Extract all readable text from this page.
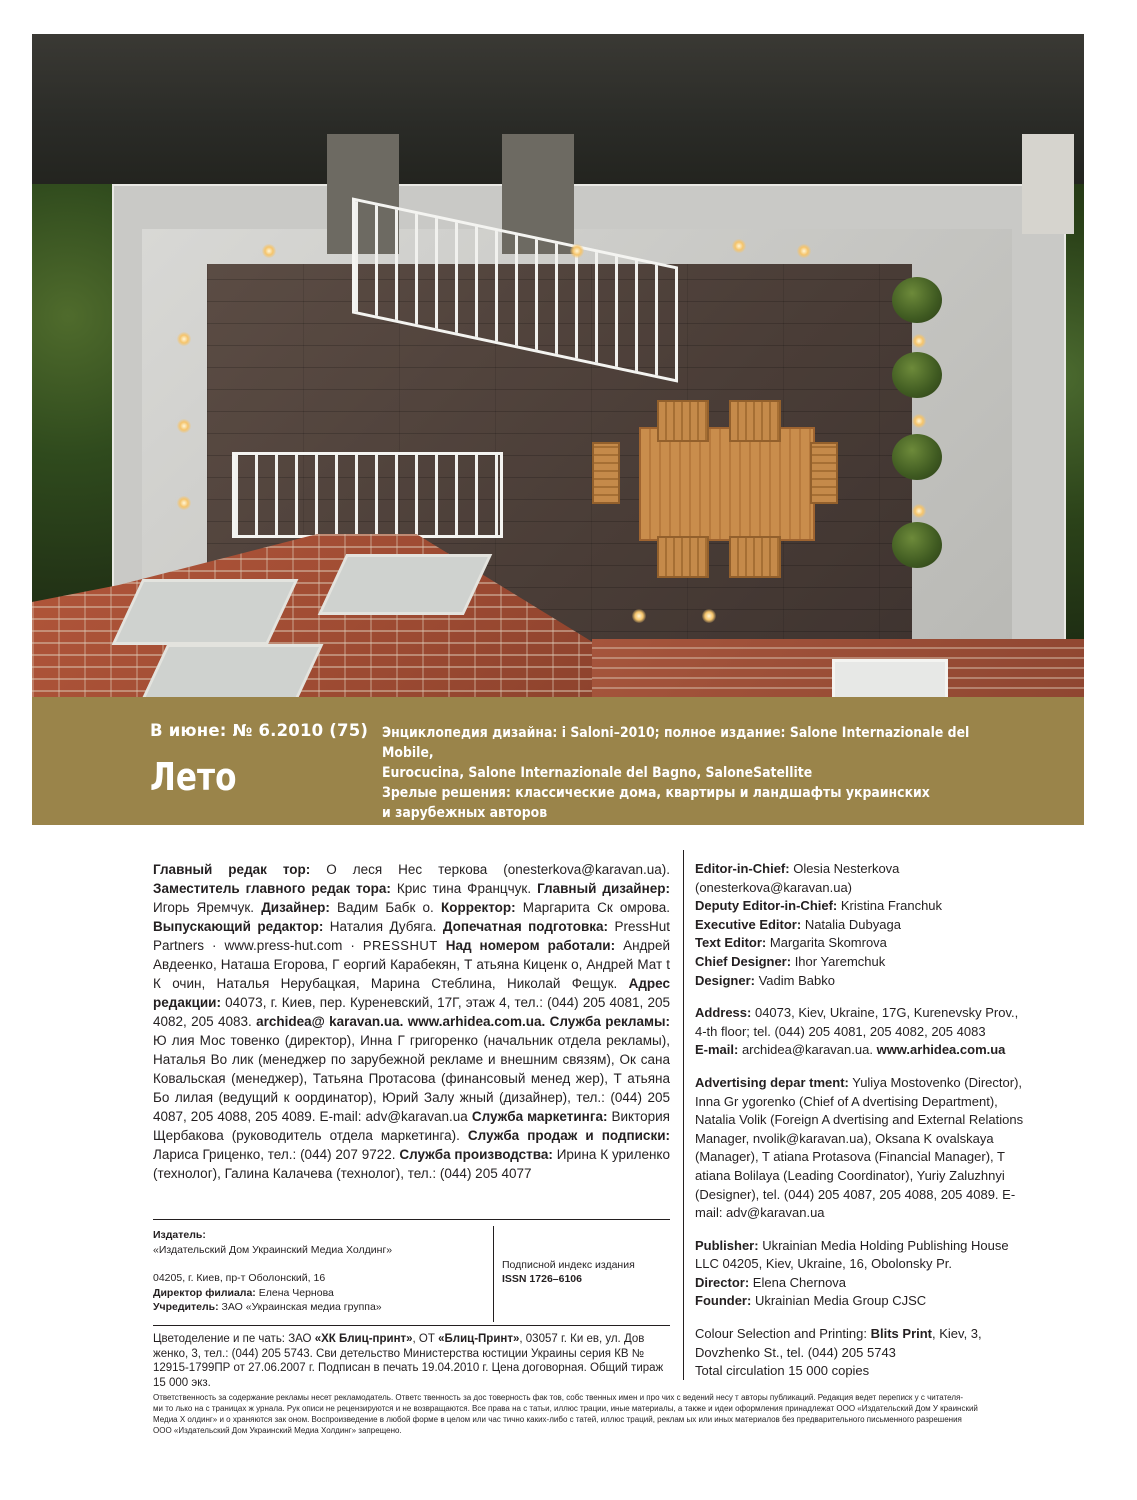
В июне: № 6.2010 (75)
Лето
Энциклопедия дизайна: i Saloni–2010; полное издание: Salone Internazionale del Mobile,
Eurocucina, Salone Internazionale del Bagno, SaloneSatellite
Зрелые решения: классические дома, квартиры и ландшафты украинских
и зарубежных авторов
Главный редак тор: О леся Нес теркова (onesterkova@karavan.ua). Заместитель главного редак тора: Крис тина Францчук. Главный дизайнер: Игорь Яремчук. Дизайнер: Вадим Бабк о. Корректор: Маргарита Ск омрова. Выпускающий редактор: Наталия Дубяга. Допечатная подготовка: PressHut Partners · www.press-hut.com · PRESSHUT Над номером работали: Андрей Авдеенко, Наташа Егорова, Г еоргий Карабекян, Т атьяна Киценк о, Андрей Мат t К очин, Наталья Нерубацкая, Марина Стеблина, Николай Фещук. Адрес редакции: 04073, г. Киев, пер. Куреневский, 17Г, этаж 4, тел.: (044) 205 4081, 205 4082, 205 4083. archidea@ karavan.ua. www.arhidea.com.ua. Служба рекламы: Ю лия Мос товенко (директор), Инна Г григоренко (начальник отдела рекламы), Наталья Во лик (менеджер по зарубежной рекламе и внешним связям), Ок сана Ковальская (менеджер), Татьяна Протасова (финансовый менед жер), Т атьяна Бо лилая (ведущий к оординатор), Юрий Залу жный (дизайнер), тел.: (044) 205 4087, 205 4088, 205 4089. E-mail: adv@karavan.ua Служба маркетинга: Виктория Щербакова (руководитель отдела маркетинга). Служба продаж и подписки: Лариса Гриценко, тел.: (044) 207 9722. Служба производства: Ирина К уриленко (технолог), Галина Калачева (технолог), тел.: (044) 205 4077
Editor-in-Chief: Olesia Nesterkova (onesterkova@karavan.ua)
Deputy Editor-in-Chief: Kristina Franchuk
Executive Editor: Natalia Dubyaga
Text Editor: Margarita Skomrova
Chief Designer: Ihor Yaremchuk
Designer: Vadim Babko
Address: 04073, Kiev, Ukraine, 17G, Kurenevsky Prov., 4-th floor; tel. (044) 205 4081, 205 4082, 205 4083
E-mail: archidea@karavan.ua. www.arhidea.com.ua
Advertising depar tment: Yuliya Mostovenko (Director), Inna Gr ygorenko (Chief of A dvertising Department), Natalia Volik (Foreign A dvertising and External Relations Manager, nvolik@karavan.ua), Oksana K ovalskaya (Manager), T atiana Protasova (Financial Manager), T atiana Bolilaya (Leading Coordinator), Yuriy Zaluzhnyi (Designer), tel. (044) 205 4087, 205 4088, 205 4089. E-mail: adv@karavan.ua
Publisher: Ukrainian Media Holding Publishing House LLC 04205, Kiev, Ukraine, 16, Obolonsky Pr.
Director: Elena Chernova
Founder: Ukrainian Media Group CJSC
Colour Selection and Printing: Blits Print, Kiev, 3, Dovzhenko St., tel. (044) 205 5743
Total circulation 15 000 copies
Издатель:
«Издательский Дом Украинский Медиа Холдинг»
04205, г. Киев, пр-т Оболонский, 16
Директор филиала: Елена Чернова
Учредитель: ЗАО «Украинская медиа группа»
Подписной индекс издания
ISSN 1726–6106
Цветоделение и пе чать: ЗАО «ХК Блиц-принт», ОТ «Блиц-Принт», 03057 г. Ки ев, ул. Дов женко, 3, тел.: (044) 205 5743. Сви детельство Министерства юстиции Украины серия КВ № 12915-1799ПР от 27.06.2007 г. Подписан в печать 19.04.2010 г. Цена договорная. Общий тираж 15 000 экз.
Ответственность за содержание рекламы несет рекламодатель. Ответс твенность за дос товерность фак тов, собс твенных имен и про чих с ведений несу т авторы публикаций. Редакция ведет переписк у с читателя-
ми то лько на с траницах ж урнала. Рук описи не рецензируются и не возвращаются. Все права на с татьи, иллюс трации, иные материалы, а также и идеи оформления принадлежат ООО «Издательский Дом У краинский
Медиа Х олдинг» и о храняются зак оном. Воспроизведение в любой форме в целом или час тично каких-либо с татей, иллюс траций, реклам ых или иных материалов без предварительного письменного разрешения
ООО «Издательский Дом Украинский Медиа Холдинг» запрещено.
